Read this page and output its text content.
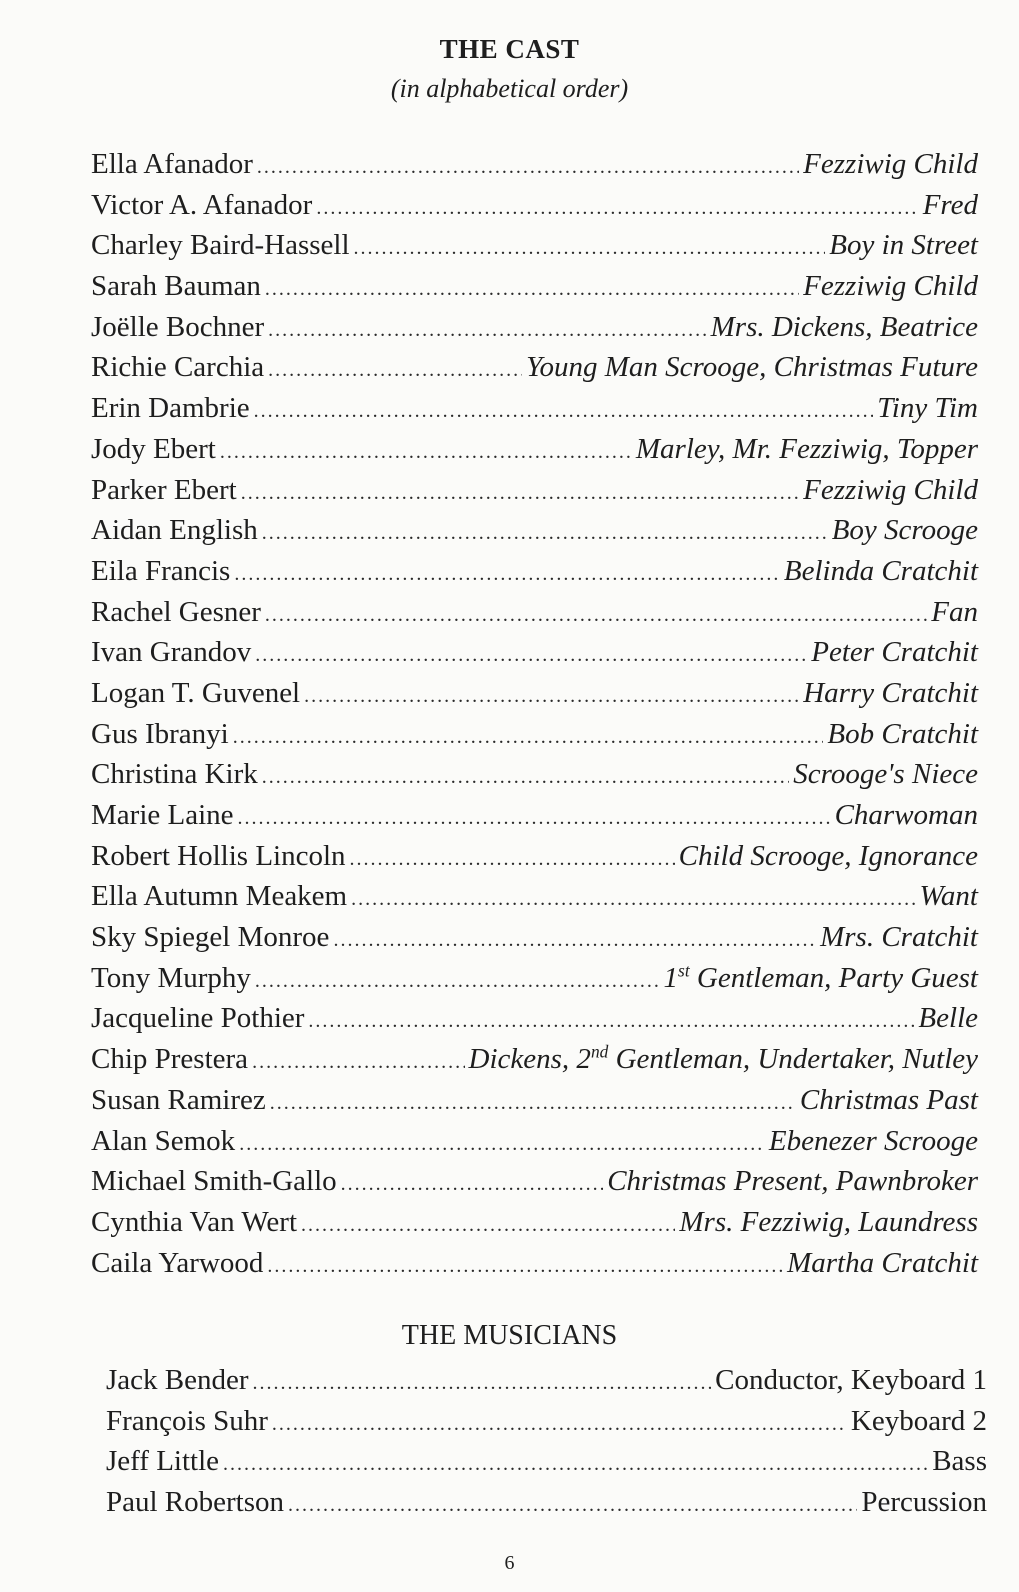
THE CAST
(in alphabetical order)
Ella Afanador .....	Fezziwig Child
Victor A. Afanador .....	Fred
Charley Baird-Hassell .....	Boy in Street
Sarah Bauman .....	Fezziwig Child
Joëlle Bochner .....	Mrs. Dickens, Beatrice
Richie Carchia .....	Young Man Scrooge, Christmas Future
Erin Dambrie .....	Tiny Tim
Jody Ebert .....	Marley, Mr. Fezziwig, Topper
Parker Ebert .....	Fezziwig Child
Aidan English .....	Boy Scrooge
Eila Francis .....	Belinda Cratchit
Rachel Gesner .....	Fan
Ivan Grandov .....	Peter Cratchit
Logan T. Guvenel .....	Harry Cratchit
Gus Ibranyi .....	Bob Cratchit
Christina Kirk .....	Scrooge's Niece
Marie Laine .....	Charwoman
Robert Hollis Lincoln .....	Child Scrooge, Ignorance
Ella Autumn Meakem .....	Want
Sky Spiegel Monroe .....	Mrs. Cratchit
Tony Murphy .....	1st Gentleman, Party Guest
Jacqueline Pothier .....	Belle
Chip Prestera .....	Dickens, 2nd Gentleman, Undertaker, Nutley
Susan Ramirez .....	Christmas Past
Alan Semok .....	Ebenezer Scrooge
Michael Smith-Gallo .....	Christmas Present, Pawnbroker
Cynthia Van Wert .....	Mrs. Fezziwig, Laundress
Caila Yarwood .....	Martha Cratchit
THE MUSICIANS
Jack Bender .....	Conductor, Keyboard 1
François Suhr .....	Keyboard 2
Jeff Little .....	Bass
Paul Robertson .....	Percussion
6
